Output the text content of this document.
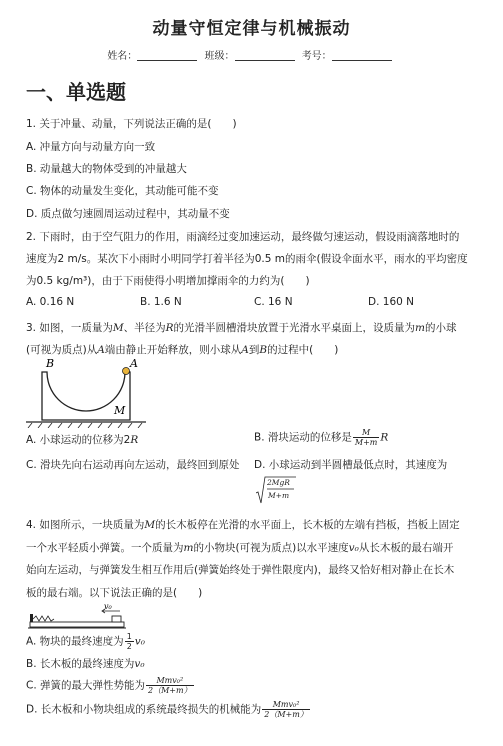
动量守恒定律与机械振动
姓名：	班级：	考号：
一、单选题
1. 关于冲量、动量，下列说法正确的是(　　)
A. 冲量方向与动量方向一致
B. 动量越大的物体受到的冲量越大
C. 物体的动量发生变化，其动能可能不变
D. 质点做匀速圆周运动过程中，其动量不变
2. 下雨时，由于空气阻力的作用，雨滴经过变加速运动，最终做匀速运动，假设雨滴落地时的
速度为2 m/s。某次下小雨时小明同学打着半径为0.5 m的雨伞(假设伞面水平，雨水的平均密度
为0.5 kg/m³)，由于下雨使得小明增加撑雨伞的力约为(　　)
A. 0.16 N	B. 1.6 N	C. 16 N	D. 160 N
3. 如图，一质量为M、半径为R的光滑半圆槽滑块放置于光滑水平桌面上，设质量为m的小球
(可视为质点)从A端由静止开始释放，则小球从A到B的过程中(　　)
B	A
M
A. 小球运动的位移为2R	B. 滑块运动的位移是 $\frac{M}{M+m}$ R
C. 滑块先向右运动再向左运动，最终回到原处 D. 小球运动到半圆槽最低点时，其速度为
2MgR
M+m
4. 如图所示，一块质量为M的长木板停在光滑的水平面上，长木板的左端有挡板，挡板上固定
一个水平轻质小弹簧。一个质量为m的小物块(可视为质点)以水平速度v₀从长木板的最右端开
始向左运动，与弹簧发生相互作用后(弹簧始终处于弹性限度内)，最终又恰好相对静止在长木
板的最右端。以下说法正确的是(　　)
v₀
A. 物块的最终速度为 $\frac{1}{2} v_0$
B. 长木板的最终速度为v₀
C. 弹簧的最大弹性势能为 $\frac{\text{Mmv₀²}}{2(M+m)}$
D. 长木板和小物块组成的系统最终损失的机械能为 $\frac{\text{Mmv₀²}}{2(M+m)}$
